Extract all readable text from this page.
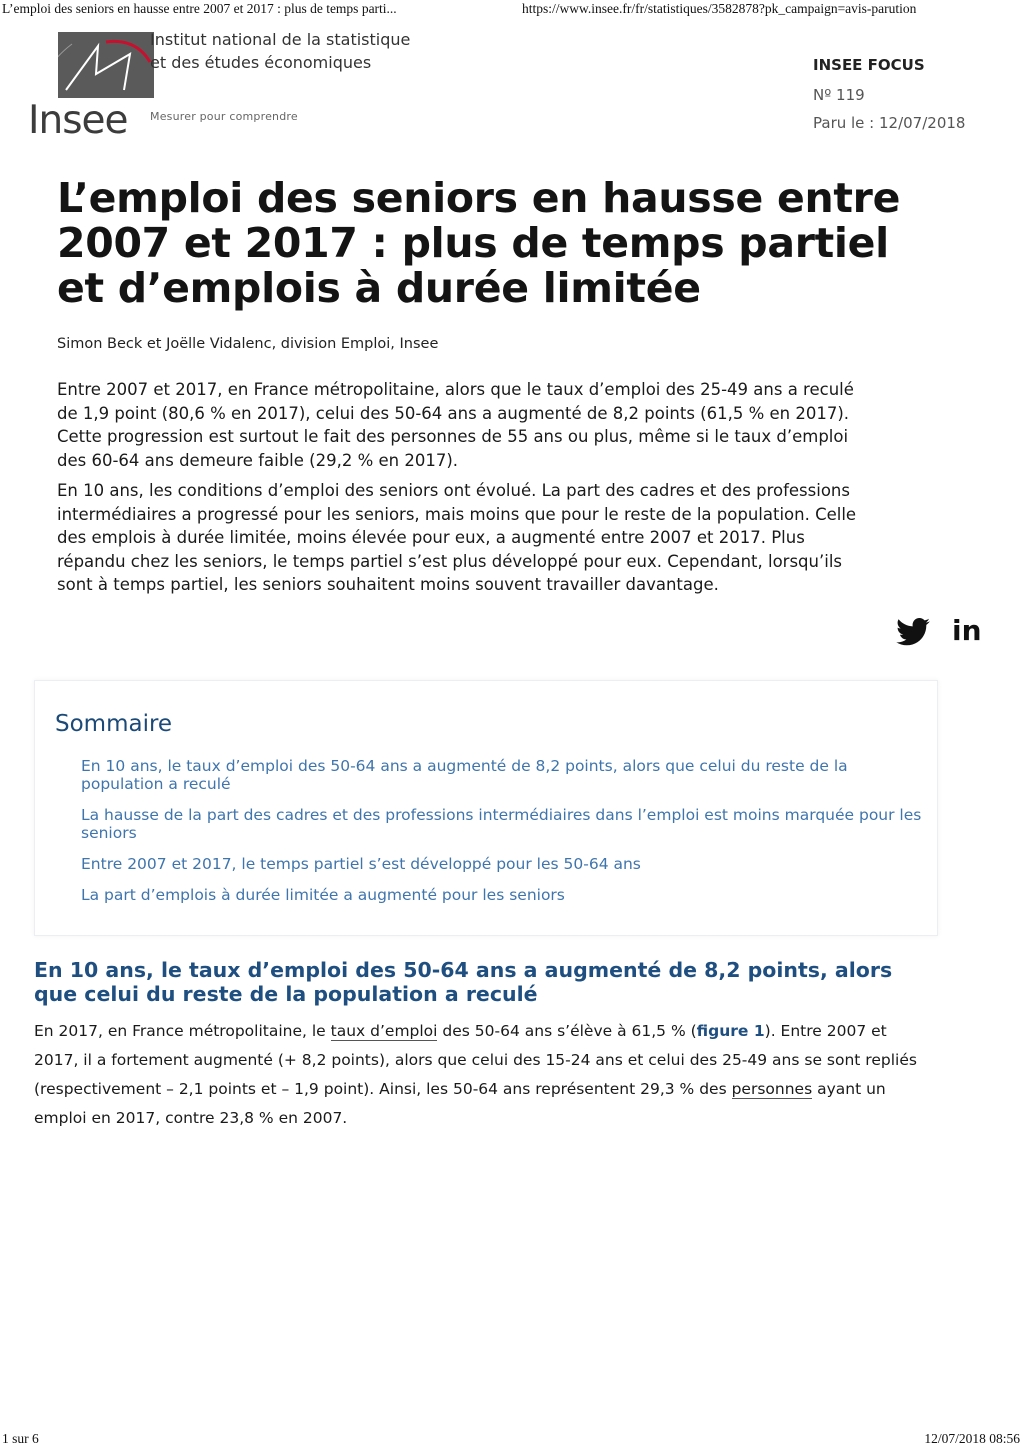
L’emploi des seniors en hausse entre 2007 et 2017 : plus de temps parti...	https://www.insee.fr/fr/statistiques/3582878?pk_campaign=avis-parution
Insee
Institut national de la statistique
et des études économiques
Mesurer pour comprendre
INSEE FOCUS
Nº 119
Paru le : 12/07/2018
L’emploi des seniors en hausse entre 2007 et 2017 : plus de temps partiel et d’emplois à durée limitée
Simon Beck et Joëlle Vidalenc, division Emploi, Insee

Entre 2007 et 2017, en France métropolitaine, alors que le taux d’emploi des 25-49 ans a reculé de 1,9 point (80,6 % en 2017), celui des 50-64 ans a augmenté de 8,2 points (61,5 % en 2017). Cette progression est surtout le fait des personnes de 55 ans ou plus, même si le taux d’emploi des 60-64 ans demeure faible (29,2 % en 2017).

En 10 ans, les conditions d’emploi des seniors ont évolué. La part des cadres et des professions intermédiaires a progressé pour les seniors, mais moins que pour le reste de la population. Celle des emplois à durée limitée, moins élevée pour eux, a augmenté entre 2007 et 2017. Plus répandu chez les seniors, le temps partiel s’est plus développé pour eux. Cependant, lorsqu’ils sont à temps partiel, les seniors souhaitent moins souvent travailler davantage.

in
Sommaire
En 10 ans, le taux d’emploi des 50-64 ans a augmenté de 8,2 points, alors que celui du reste de la population a reculé
La hausse de la part des cadres et des professions intermédiaires dans l’emploi est moins marquée pour les seniors
Entre 2007 et 2017, le temps partiel s’est développé pour les 50-64 ans
La part d’emplois à durée limitée a augmenté pour les seniors
En 10 ans, le taux d’emploi des 50-64 ans a augmenté de 8,2 points, alors que celui du reste de la population a reculé

En 2017, en France métropolitaine, le taux d’emploi des 50-64 ans s’élève à 61,5 % (figure 1). Entre 2007 et 2017, il a fortement augmenté (+ 8,2 points), alors que celui des 15-24 ans et celui des 25-49 ans se sont repliés (respectivement – 2,1 points et – 1,9 point). Ainsi, les 50-64 ans représentent 29,3 % des personnes ayant un emploi en 2017, contre 23,8 % en 2007.

1 sur 6	12/07/2018 08:56
